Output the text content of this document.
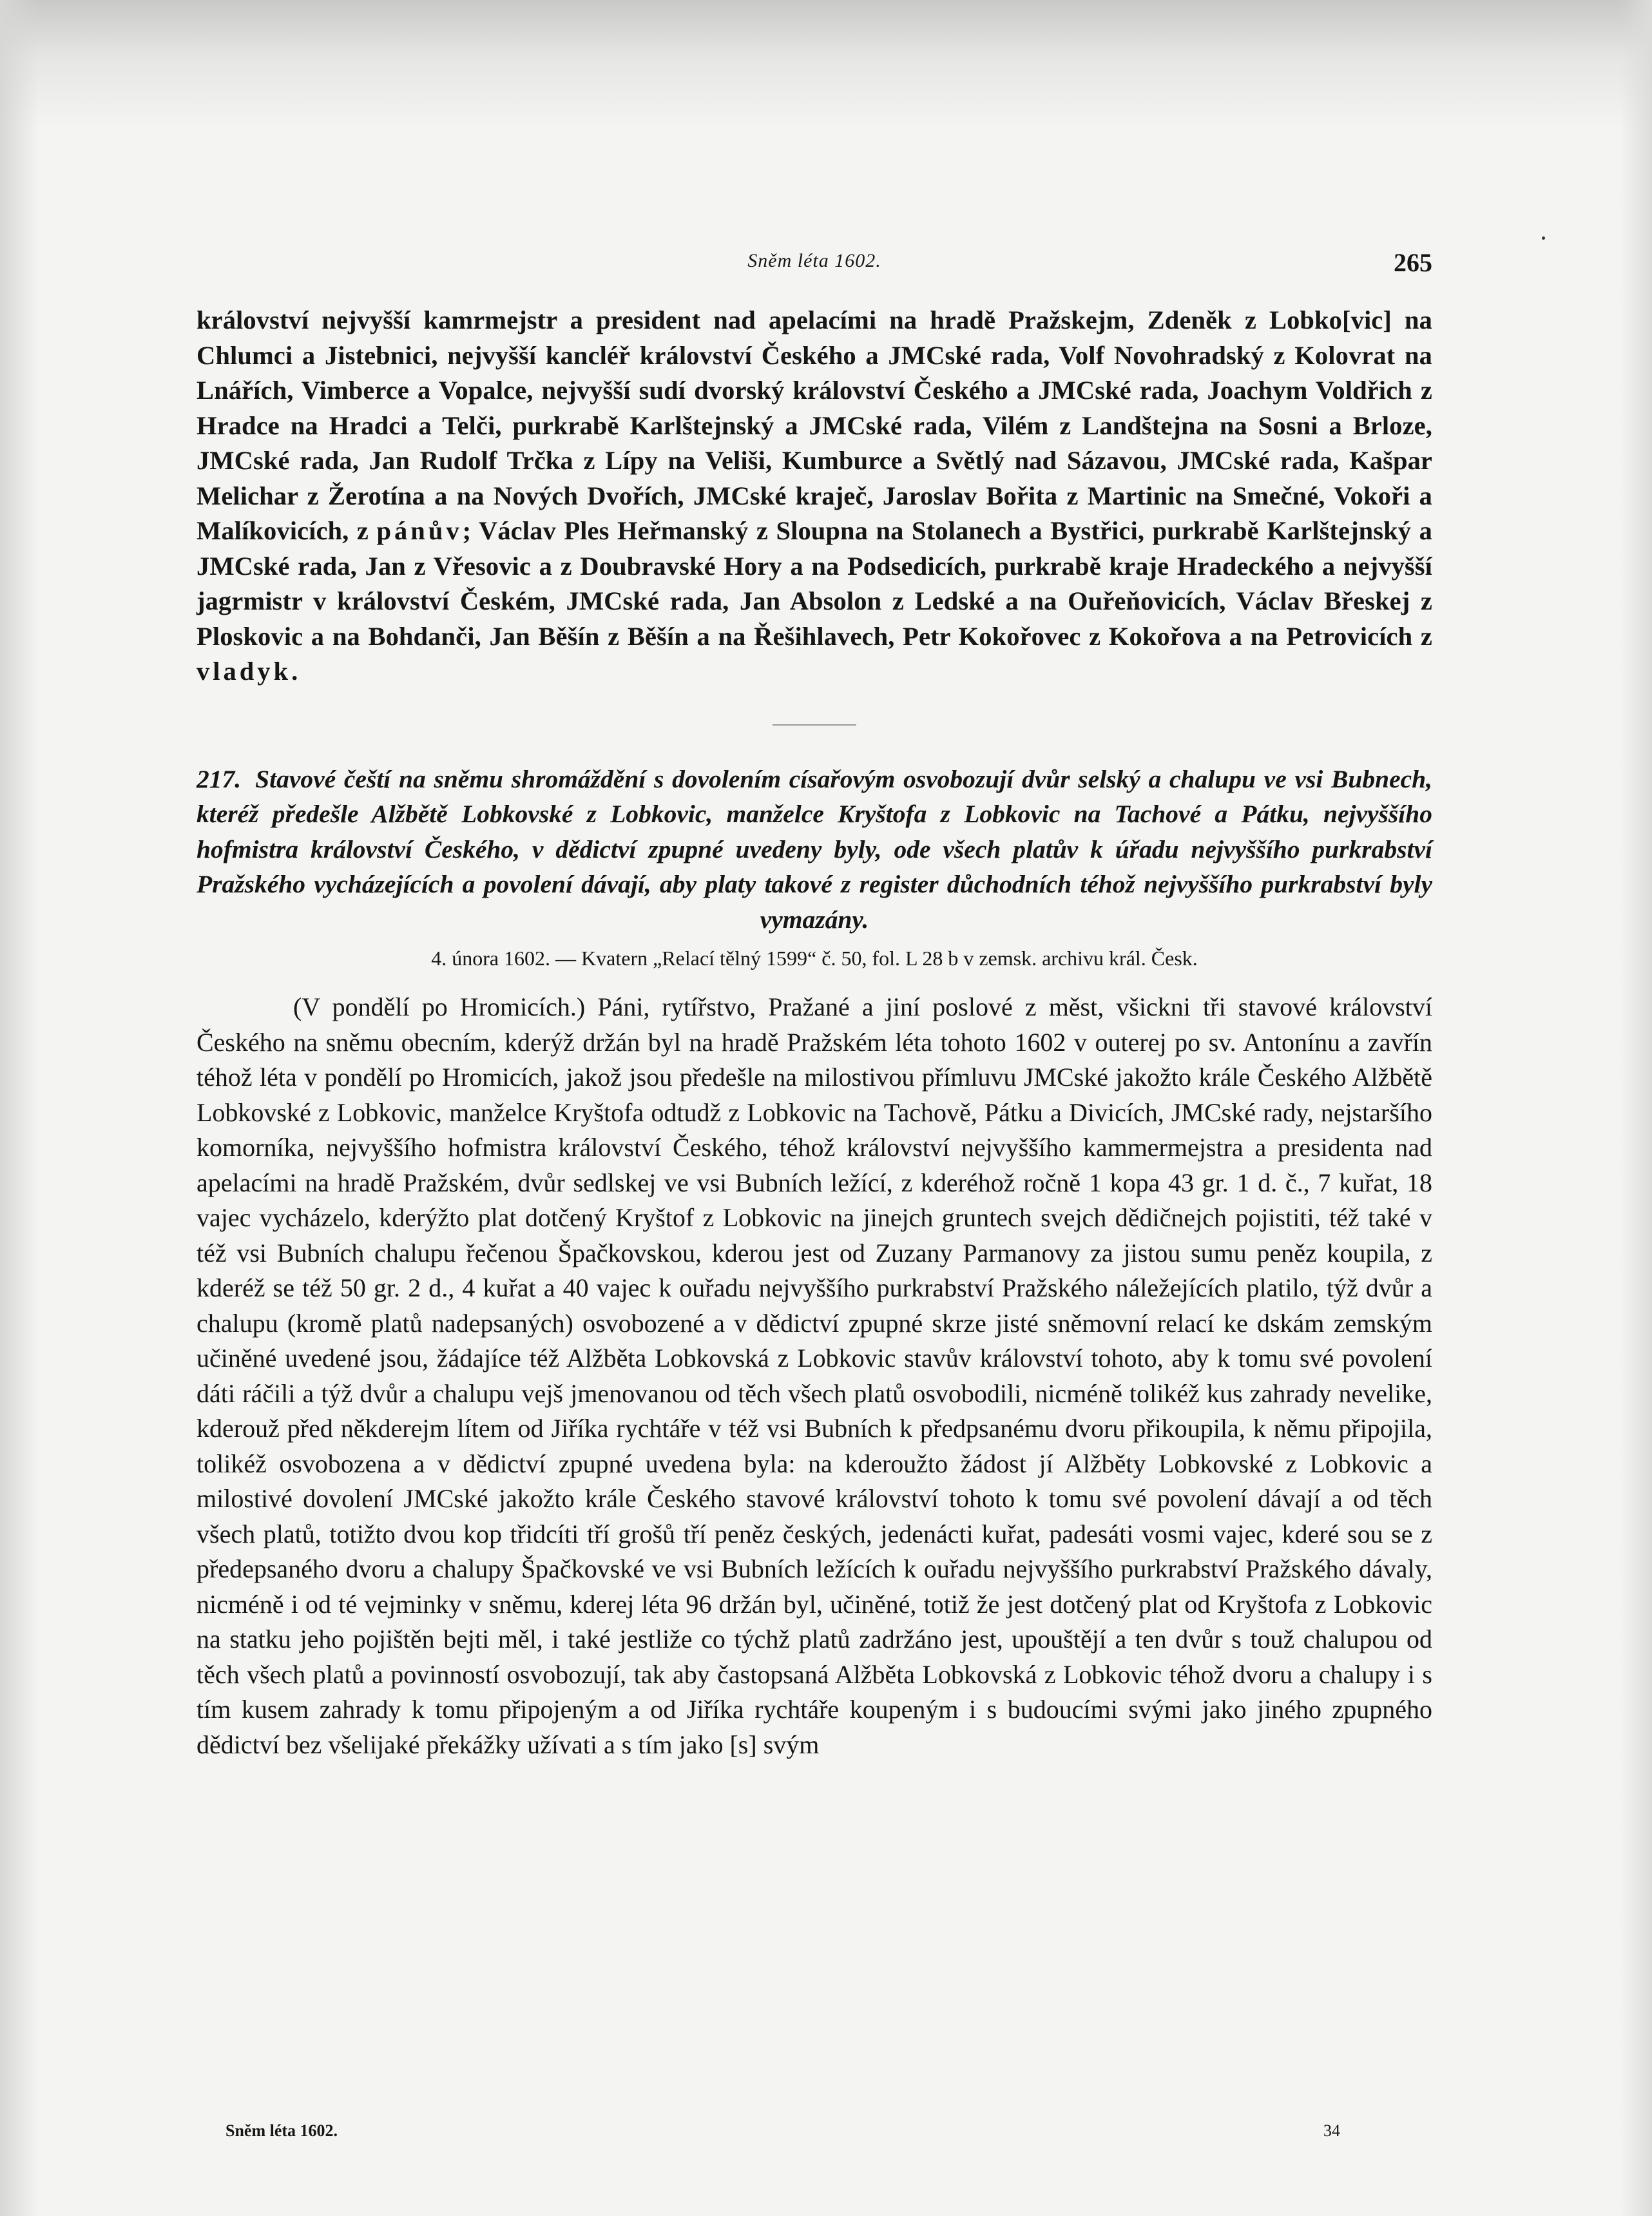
Sněm léta 1602.	265

království nejvyšší kamrmejstr a president nad apelacími na hradě Pražskejm, Zdeněk z Lobko[vic] na Chlumci a Jistebnici, nejvyšší kancléř království Českého a JMCské rada, Volf Novohradský z Kolovrat na Lnářích, Vimberce a Vopalce, nejvyšší sudí dvorský království Českého a JMCské rada, Joachym Voldřich z Hradce na Hradci a Telči, purkrabě Karlštejnský a JMCské rada, Vilém z Landštejna na Sosni a Brloze, JMCské rada, Jan Rudolf Trčka z Lípy na Veliši, Kumburce a Světlý nad Sázavou, JMCské rada, Kašpar Melichar z Žerotína a na Nových Dvořích, JMCské kraječ, Jaroslav Bořita z Martinic na Smečné, Vokoři a Malíkovicích, z pánův; Václav Ples Heřmanský z Sloupna na Stolanech a Bystřici, purkrabě Karlštejnský a JMCské rada, Jan z Vřesovic a z Doubravské Hory a na Podsedicích, purkrabě kraje Hradeckého a nejvyšší jagrmistr v království Českém, JMCské rada, Jan Absolon z Ledské a na Ouřeňovicích, Václav Břeskej z Ploskovic a na Bohdanči, Jan Běšín z Běšín a na Řešihlavech, Petr Kokořovec z Kokořova a na Petrovicích z vladyk.

217. Stavové čeští na sněmu shromáždění s dovolením císařovým osvobozují dvůr selský a chalupu ve vsi Bubnech, kteréž předešle Alžbětě Lobkovské z Lobkovic, manželce Kryštofa z Lobkovic na Tachové a Pátku, nejvyššího hofmistra království Českého, v dědictví zpupné uvedeny byly, ode všech platův k úřadu nejvyššího purkrabství Pražského vycházejících a povolení dávají, aby platy takové z register důchodních téhož nejvyššího purkrabství byly vymazány.

4. února 1602. — Kvatern „Relací tělný 1599“ č. 50, fol. L 28 b v zemsk. archivu král. Česk.

(V pondělí po Hromicích.) Páni, rytířstvo, Pražané a jiní poslové z měst, všickni tři stavové království Českého na sněmu obecním, kderýž držán byl na hradě Pražském léta tohoto 1602 v outerej po sv. Antonínu a zavřín téhož léta v pondělí po Hromicích, jakož jsou předešle na milostivou přímluvu JMCské jakožto krále Českého Alžbětě Lobkovské z Lobkovic, manželce Kryštofa odtudž z Lobkovic na Tachově, Pátku a Divicích, JMCské rady, nejstaršího komorníka, nejvyššího hofmistra království Českého, téhož království nejvyššího kammermejstra a presidenta nad apelacími na hradě Pražském, dvůr sedlskej ve vsi Bubních ležící, z kderéhož ročně 1 kopa 43 gr. 1 d. č., 7 kuřat, 18 vajec vycházelo, kderýžto plat dotčený Kryštof z Lobkovic na jinejch gruntech svejch dědičnejch pojistiti, též také v též vsi Bubních chalupu řečenou Špačkovskou, kderou jest od Zuzany Parmanovy za jistou sumu peněz koupila, z kderéž se též 50 gr. 2 d., 4 kuřat a 40 vajec k ouřadu nejvyššího purkrabství Pražského náležejících platilo, týž dvůr a chalupu (kromě platů nadepsaných) osvobozené a v dědictví zpupné skrze jisté sněmovní relací ke dskám zemským učiněné uvedené jsou, žádajíce též Alžběta Lobkovská z Lobkovic stavův království tohoto, aby k tomu své povolení dáti ráčili a týž dvůr a chalupu vejš jmenovanou od těch všech platů osvobodili, nicméně tolikéž kus zahrady nevelike, kderouž před někderejm lítem od Jiříka rychtáře v též vsi Bubních k předpsanému dvoru přikoupila, k němu připojila, tolikéž osvobozena a v dědictví zpupné uvedena byla: na kderoužto žádost jí Alžběty Lobkovské z Lobkovic a milostivé dovolení JMCské jakožto krále Českého stavové království tohoto k tomu své povolení dávají a od těch všech platů, totižto dvou kop třidcíti tří grošů tří peněz českých, jedenácti kuřat, padesáti vosmi vajec, kderé sou se z předepsaného dvoru a chalupy Špačkovské ve vsi Bubních ležících k ouřadu nejvyššího purkrabství Pražského dávaly, nicméně i od té vejminky v sněmu, kderej léta 96 držán byl, učiněné, totiž že jest dotčený plat od Kryštofa z Lobkovic na statku jeho pojištěn bejti měl, i také jestliže co týchž platů zadržáno jest, upouštějí a ten dvůr s touž chalupou od těch všech platů a povinností osvobozují, tak aby častopsaná Alžběta Lobkovská z Lobkovic téhož dvoru a chalupy i s tím kusem zahrady k tomu připojeným a od Jiříka rychtáře koupeným i s budoucími svými jako jiného zpupného dědictví bez všelijaké překážky užívati a s tím jako [s] svým

Sněm léta 1602.	34
